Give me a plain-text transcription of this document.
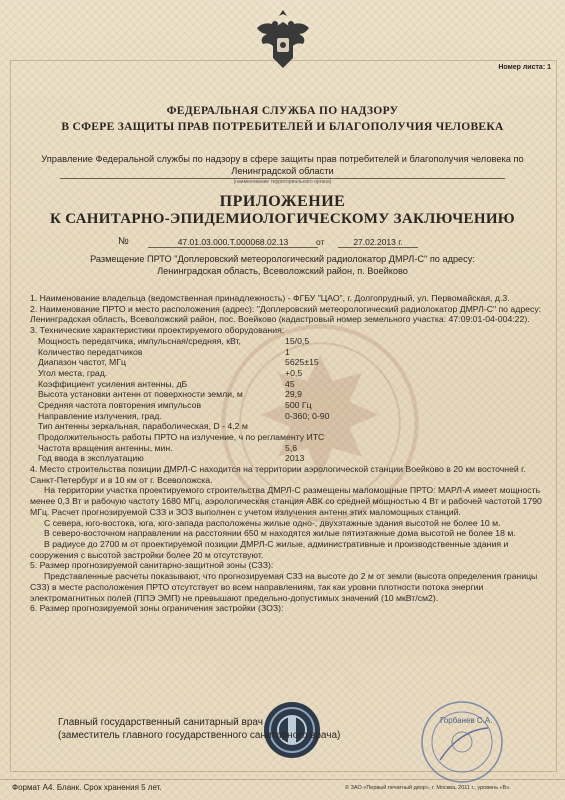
Номер листа: 1
ФЕДЕРАЛЬНАЯ СЛУЖБА ПО НАДЗОРУ
В СФЕРЕ ЗАЩИТЫ ПРАВ ПОТРЕБИТЕЛЕЙ И БЛАГОПОЛУЧИЯ ЧЕЛОВЕКА
Управление Федеральной службы по надзору в сфере защиты прав потребителей и благополучия человека по Ленинградской области
(наименование территориального органа)
ПРИЛОЖЕНИЕ
К САНИТАРНО-ЭПИДЕМИОЛОГИЧЕСКОМУ ЗАКЛЮЧЕНИЮ
№	47.01.03.000.Т.000068.02.13	от	27.02.2013 г.
Размещение ПРТО "Доплеровский метеорологический радиолокатор ДМРЛ-С" по адресу: Ленинградская область, Всеволожский район, п. Воейково

1. Наименование владельца (ведомственная принадлежность) - ФГБУ "ЦАО", г. Долгопрудный, ул. Первомайская, д.3.

2. Наименование ПРТО и место расположения (адрес): "Доплеровский метеорологический радиолокатор ДМРЛ-С" по адресу: Ленинградская область, Всеволожский район, пос. Воейково (кадастровый номер земельного участка: 47:09:01-04-004:22).

3. Технические характеристики проектируемого оборудования:

Мощность передатчика, импульсная/средняя, кВт,	15/0,5
Количество передатчиков	1
Диапазон частот, МГц	5625±15
Угол места, град.	+0,5
Коэффициент усиления антенны, дБ	45
Высота установки антенн от поверхности земли, м	29,9
Средняя частота повторения импульсов	500 Гц
Направление излучения, град.	0-360; 0-90
Тип антенны зеркальная, параболическая, D - 4,2 м
Продолжительность работы ПРТО на излучение, ч по регламенту ИТС
Частота вращения антенны, мин.	5,6
Год ввода в эксплуатацию	2013

4. Место строительства позиции ДМРЛ-С находится на территории аэрологической станции Воейково в 20 км восточней г. Санкт-Петербург и в 10 км от г. Всеволожска.

На территории участка проектируемого строительства ДМРЛ-С размещены маломощные ПРТО: МАРЛ-А имеет мощность менее 0,3 Вт и рабочую частоту 1680 МГц, аэрологическая станция АВК со средней мощностью 4 Вт и рабочей частотой 1790 МГц. Расчет прогнозируемой СЗЗ и ЗОЗ выполнен с учетом излучения антенн этих маломощных станций.

С севера, юго-востока, юга, юго-запада расположены жилые одно-, двухэтажные здания высотой не более 10 м.

В северо-восточном направлении на расстоянии 650 м находятся жилые пятиэтажные дома высотой не более 18 м.

В радиусе до 2700 м от проектируемой позиции ДМРЛ-С жилые, административные и производственные здания и сооружения с высотой застройки более 20 м отсутствуют.

5. Размер прогнозируемой санитарно-защитной зоны (СЗЗ):

Представленные расчеты показывают, что прогнозируемая СЗЗ на высоте до 2 м от земли (высота определения границы СЗЗ) в месте расположения ПРТО отсутствует во всем направлениям, так как уровни плотности потока энергии электромагнитных полей (ППЭ ЭМП) не превышают предельно-допустимых значений (10 мкВт/см2).

6. Размер прогнозируемой зоны ограничения застройки (ЗОЗ):

Главный государственный санитарный врач
(заместитель главного государственного санитарного врача)
Горбанев С.А.
Формат А4. Бланк. Срок хранения 5 лет.	© ЗАО «Первый печатный двор», г. Москва, 2011 г., уровень «В».
